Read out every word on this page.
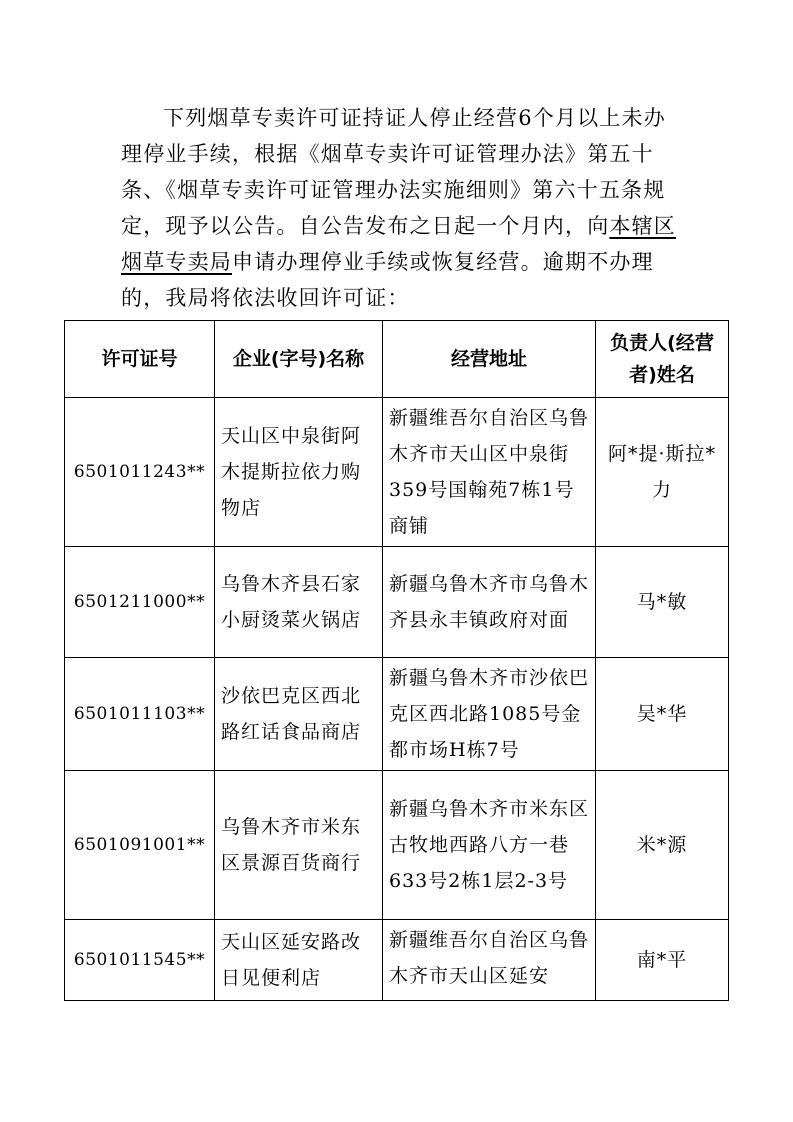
下列烟草专卖许可证持证人停止经营6个月以上未办理停业手续，根据《烟草专卖许可证管理办法》第五十条、《烟草专卖许可证管理办法实施细则》第六十五条规定，现予以公告。自公告发布之日起一个月内，向本辖区烟草专卖局申请办理停业手续或恢复经营。逾期不办理的，我局将依法收回许可证：

许可证号	企业(字号)名称	经营地址	负责人(经营者)姓名
6501011243**	天山区中泉街阿木提斯拉依力购物店	新疆维吾尔自治区乌鲁木齐市天山区中泉街359号国翰苑7栋1号商铺	阿*提·斯拉*力
6501211000**	乌鲁木齐县石家小厨烫菜火锅店	新疆乌鲁木齐市乌鲁木齐县永丰镇政府对面	马*敏
6501011103**	沙依巴克区西北路红话食品商店	新疆乌鲁木齐市沙依巴克区西北路1085号金都市场H栋7号	吴*华
6501091001**	乌鲁木齐市米东区景源百货商行	新疆乌鲁木齐市米东区古牧地西路八方一巷633号2栋1层2-3号	米*源
6501011545**	天山区延安路改日见便利店	新疆维吾尔自治区乌鲁木齐市天山区延安	南*平
